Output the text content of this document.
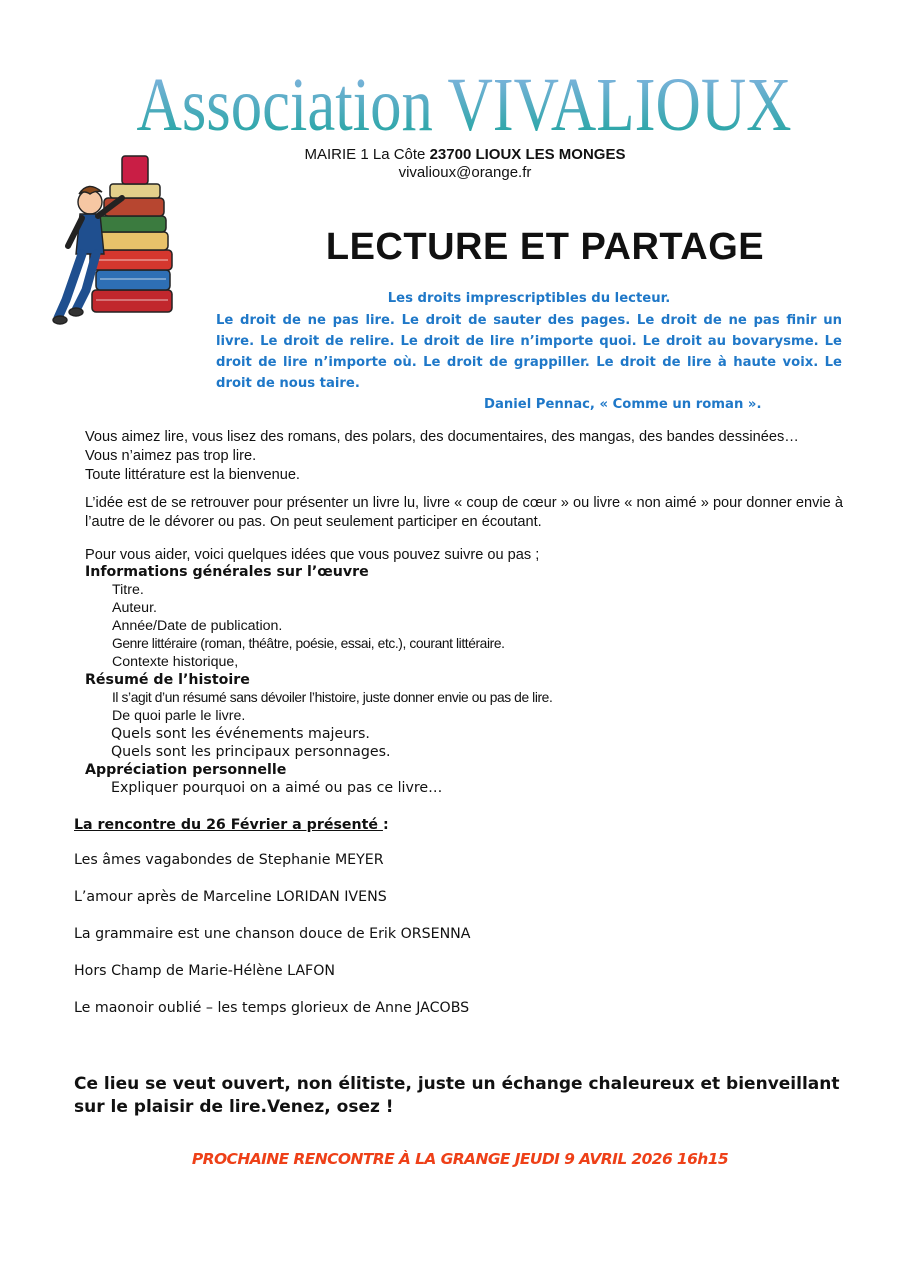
Association VIVALIOUX
MAIRIE 1 La Côte 23700 LIOUX LES MONGES
vivalioux@orange.fr
LECTURE ET PARTAGE
Les droits imprescriptibles du lecteur.
Le droit de ne pas lire. Le droit de sauter des pages. Le droit de ne pas finir un livre. Le droit de relire. Le droit de lire n’importe quoi. Le droit au bovarysme. Le droit de lire n’importe où. Le droit de grappiller. Le droit de lire à haute voix. Le droit de nous taire.
Daniel Pennac, « Comme un roman ».
Vous aimez lire, vous lisez des romans, des polars, des documentaires, des mangas, des bandes dessinées…
Vous n’aimez pas trop lire.
Toute littérature est la bienvenue.
L’idée est de se retrouver pour présenter un livre lu, livre « coup de cœur » ou livre « non aimé » pour donner envie à l’autre de le dévorer ou pas. On peut seulement participer en écoutant.
Pour vous aider, voici quelques idées que vous pouvez suivre ou pas ;
Informations générales sur l’œuvre
Titre.
Auteur.
Année/Date de publication.
Genre littéraire (roman, théâtre, poésie, essai, etc.), courant littéraire.
Contexte historique,
Résumé de l’histoire
Il s’agit d’un résumé sans dévoiler l’histoire, juste donner envie ou pas de lire.
De quoi parle le livre.
Quels sont les événements majeurs.
Quels sont les principaux personnages.
Appréciation personnelle
Expliquer pourquoi on a aimé ou pas ce livre…
La rencontre du 26 Février a présenté :
Les âmes vagabondes de Stephanie MEYER
L’amour après de Marceline LORIDAN IVENS
La grammaire est une chanson douce de Erik ORSENNA
Hors Champ de Marie-Hélène LAFON
Le maonoir oublié – les temps glorieux de Anne JACOBS
Ce lieu se veut ouvert, non élitiste, juste un échange chaleureux et bienveillant sur le plaisir de lire.Venez, osez !
PROCHAINE RENCONTRE À LA GRANGE JEUDI 9 AVRIL 2026 16h15
